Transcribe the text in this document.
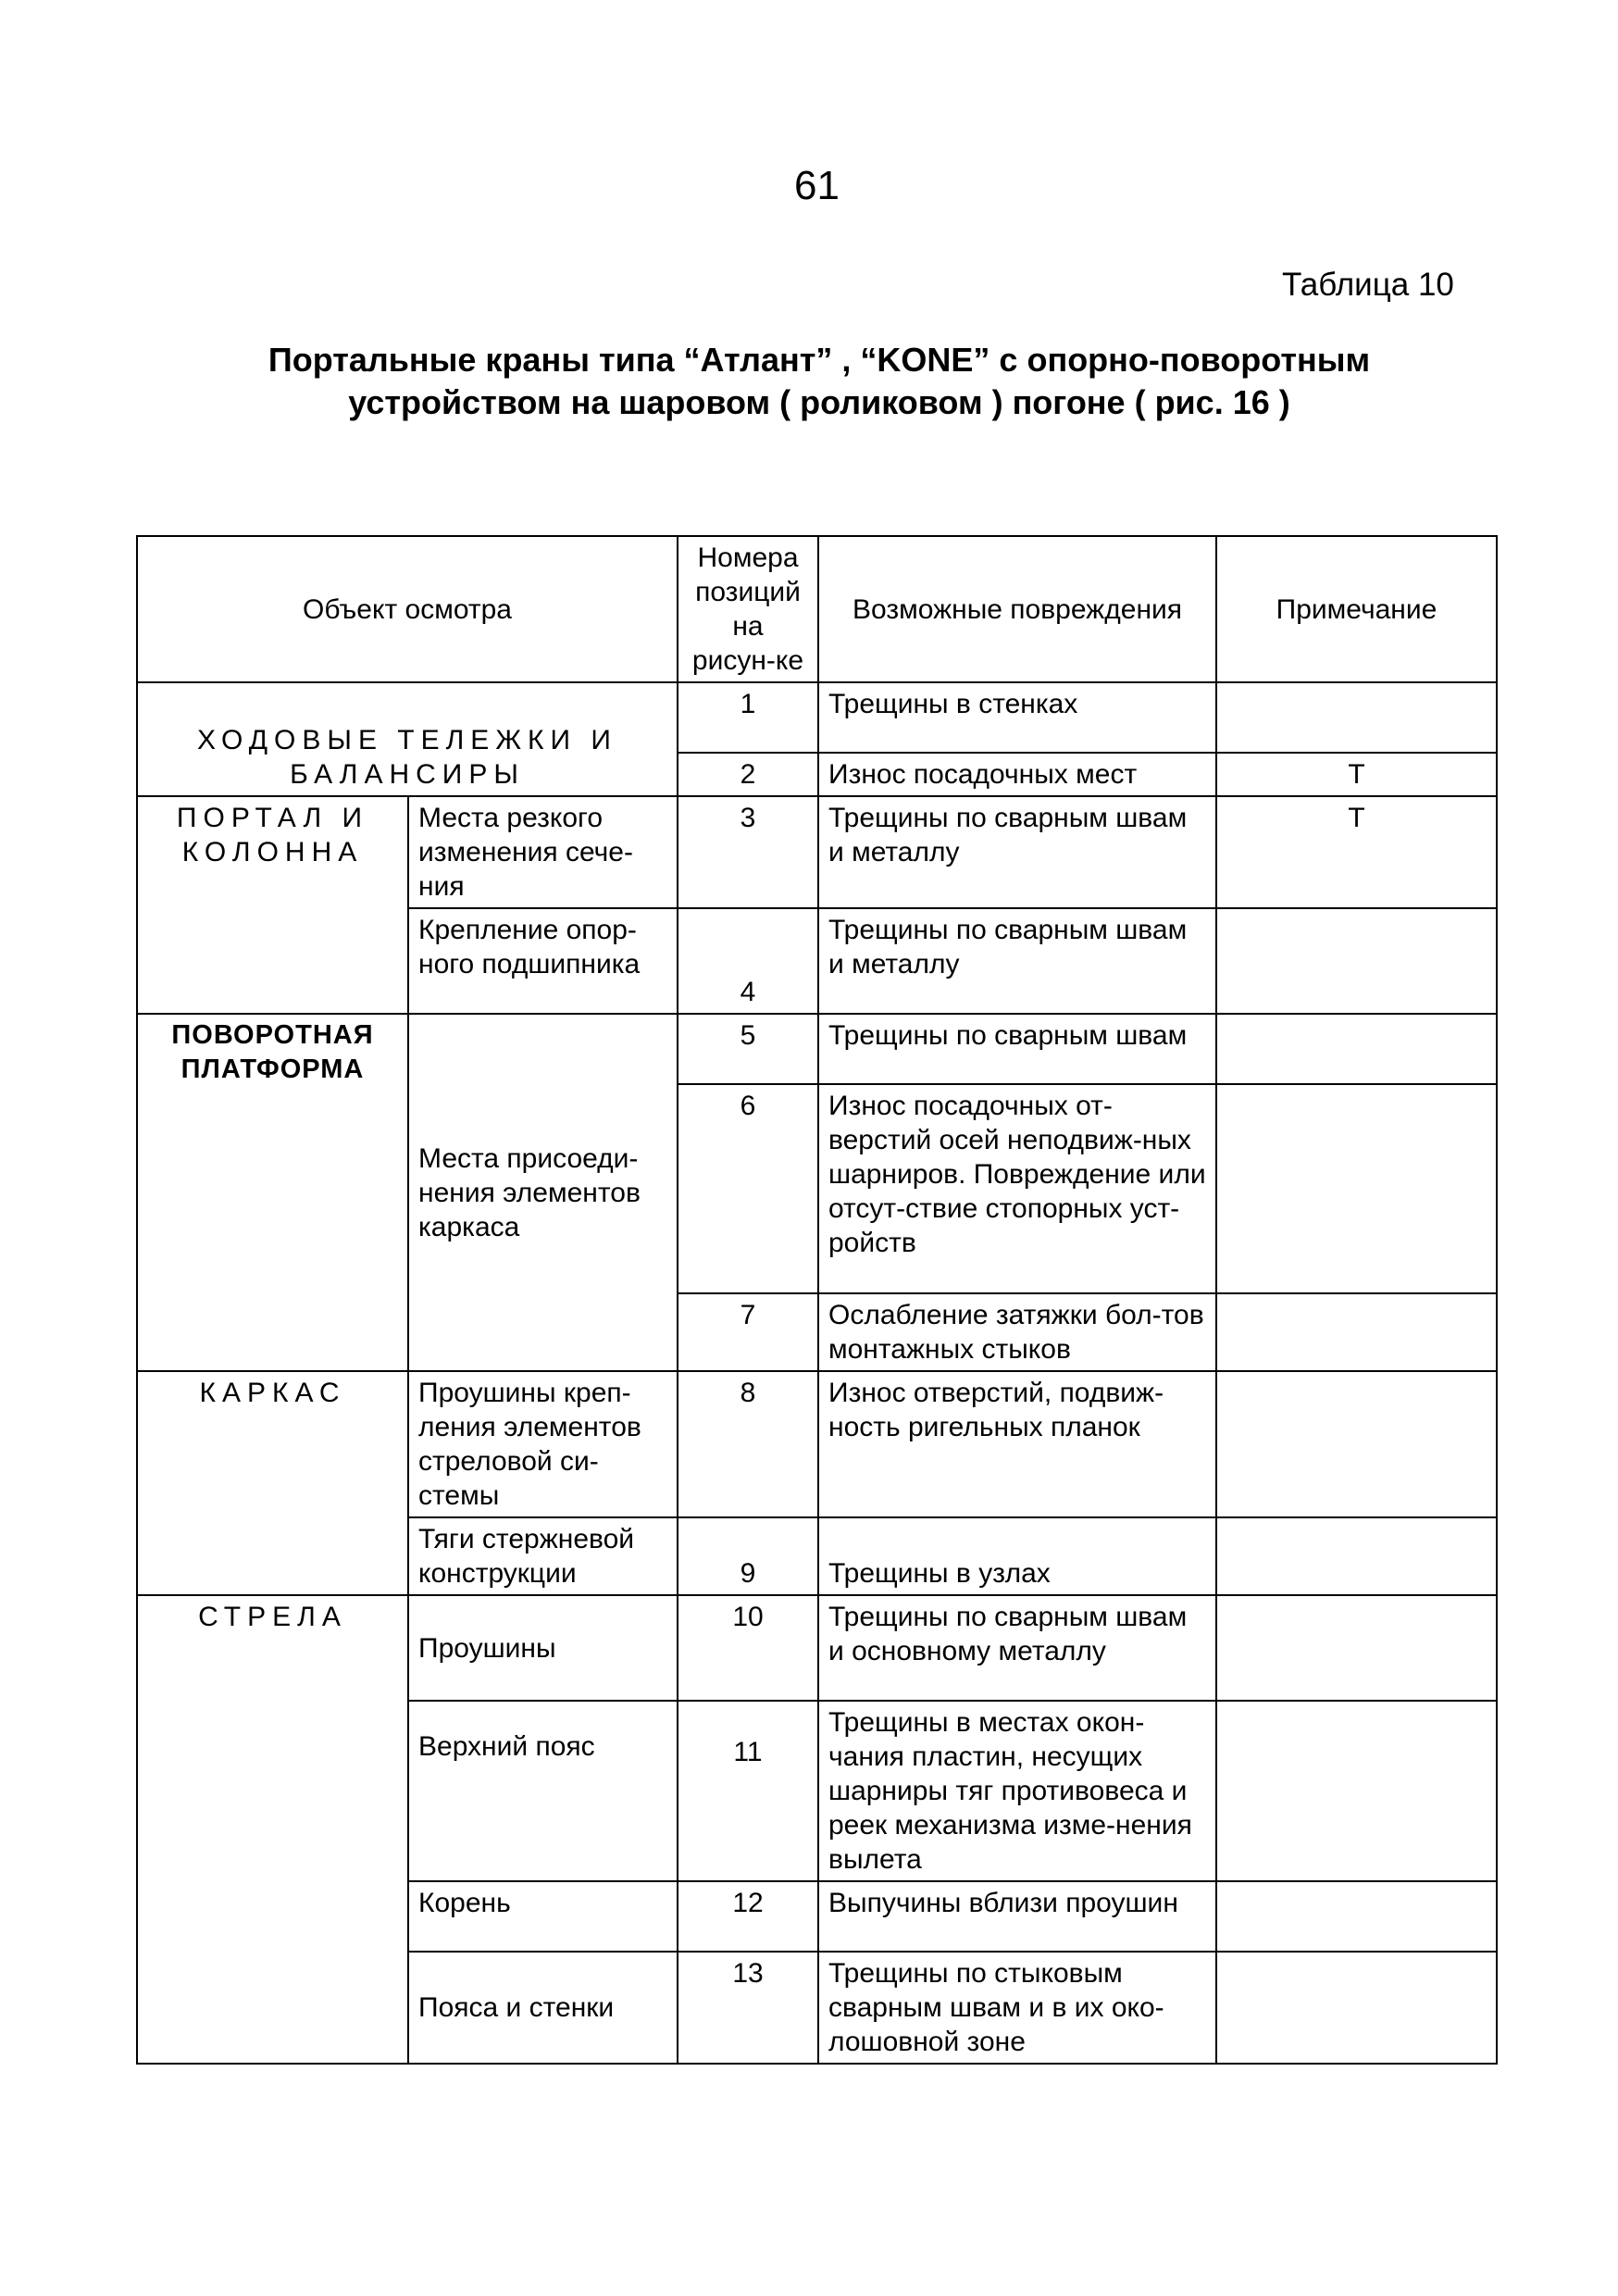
61
Таблица 10
Портальные краны типа “Атлант” , “KONE” с опорно-поворотным
устройством на шаровом ( роликовом ) погоне ( рис. 16 )
Объект осмотра		Номера позиций на рисун-ке	Возможные повреждения	Примечание
ХОДОВЫЕ ТЕЛЕЖКИ И БАЛАНСИРЫ		1	Трещины в стенках	
		2	Износ посадочных мест	Т
ПОРТАЛ И КОЛОННА	Места резкого изменения сече-ния	3	Трещины по сварным швам и металлу	Т
	Крепление опор-ного подшипника	4	Трещины по сварным швам и металлу	
ПОВОРОТНАЯ ПЛАТФОРМА	Места присоеди-нения элементов каркаса	5	Трещины по сварным швам	
		6	Износ посадочных от-верстий осей неподвиж-ных шарниров. Повреждение или отсут-ствие стопорных уст-ройств	
		7	Ослабление затяжки бол-тов монтажных стыков	
КАРКАС	Проушины креп-ления элементов стреловой си-стемы	8	Износ отверстий, подвиж-ность ригельных планок	
	Тяги стержневой конструкции	9	Трещины в узлах	
СТРЕЛА	Проушины	10	Трещины по сварным швам и основному металлу	
	Верхний пояс	11	Трещины в местах окон-чания пластин, несущих шарниры тяг противовеса и реек механизма изме-нения вылета	
	Корень	12	Выпучины вблизи проушин	
	Пояса и стенки	13	Трещины по стыковым сварным швам и в их око-лошовной зоне	
